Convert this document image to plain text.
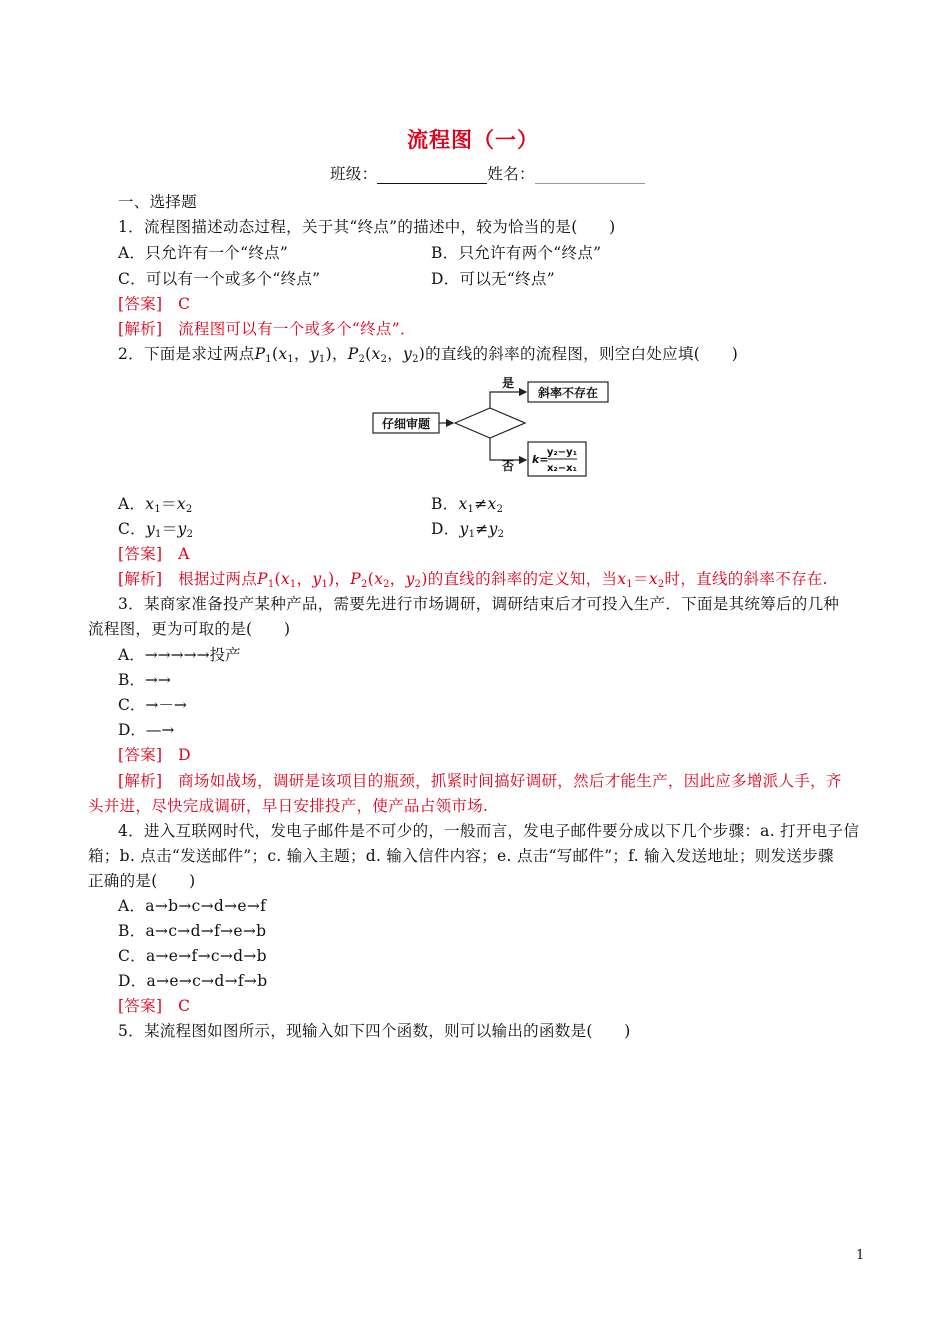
流程图（一）
班级：	姓名：
一、选择题
1．流程图描述动态过程，关于其“终点”的描述中，较为恰当的是(　　)
A．只允许有一个“终点”	B．只允许有两个“终点”
C．可以有一个或多个“终点”	D．可以无“终点”
[答案]　C
[解析]　流程图可以有一个或多个“终点”．
2．下面是求过两点$P_1(x_1$，$y_1$)，$P_2(x_2$，$y_2$)的直线的斜率的流程图，则空白处应填(　　)
仔细审题
是
斜率不存在
否 k=
y₂−y₁
x₂−x₁
A．$x_1=x_2$	B．$x_1\ne x_2$
C．$y_1=y_2$	D．$y_1\ne y_2$
[答案]　A
[解析]　根据过两点$P_1(x_1$，$y_1$)，$P_2(x_2$，$y_2$)的直线的斜率的定义知，当$x_1=x_2$时，直线的斜率不存在.
3．某商家准备投产某种产品，需要先进行市场调研，调研结束后才可投入生产．下面是其统筹后的几种
流程图，更为可取的是(　　)
A．→→→→→投产
B．→→
C．→－→
D．—→
[答案]　D
[解析]　商场如战场，调研是该项目的瓶颈，抓紧时间搞好调研，然后才能生产，因此应多增派人手，齐
头并进，尽快完成调研，早日安排投产，使产品占领市场.
4．进入互联网时代，发电子邮件是不可少的，一般而言，发电子邮件要分成以下几个步骤：a. 打开电子信
箱；b. 点击“发送邮件”；c. 输入主题；d. 输入信件内容；e. 点击“写邮件”；f. 输入发送地址；则发送步骤
正确的是(　　)
A．a→b→c→d→e→f
B．a→c→d→f→e→b
C．a→e→f→c→d→b
D．a→e→c→d→f→b
[答案]　C
5．某流程图如图所示，现输入如下四个函数，则可以输出的函数是(　　)
1
